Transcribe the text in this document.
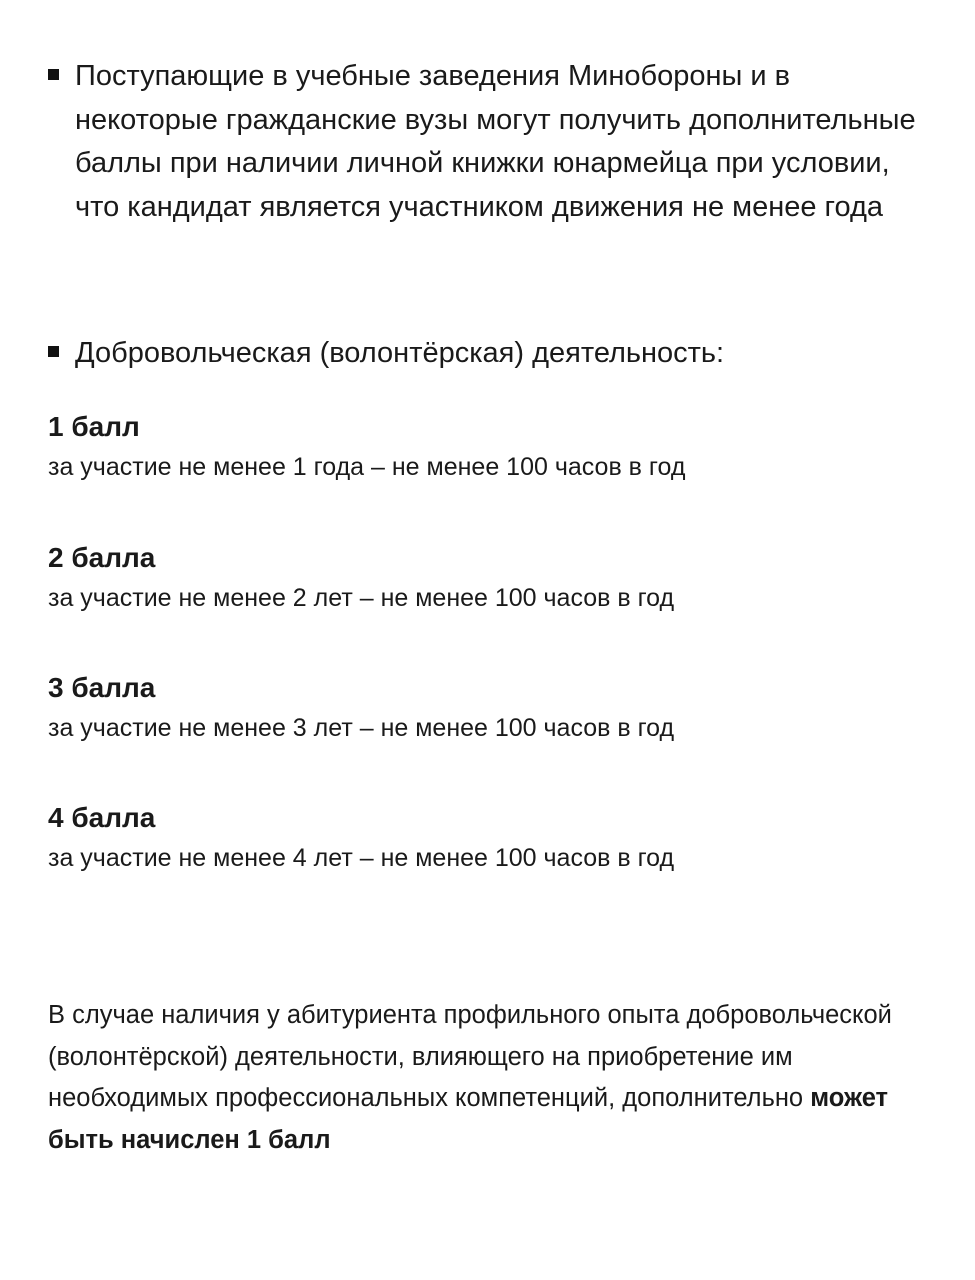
Поступающие в учебные заведения Минобороны и в некоторые гражданские вузы могут получить дополнительные баллы при наличии личной книжки юнармейца при условии, что кандидат является участником движения не менее года
Добровольческая (волонтёрская) деятельность:
1 балл
за участие не менее 1 года – не менее 100 часов в год
2 балла
за участие не менее 2 лет – не менее 100 часов в год
3 балла
за участие не менее 3 лет – не менее 100 часов в год
4 балла
за участие не менее 4 лет – не менее 100 часов в год
В случае наличия у абитуриента профильного опыта добровольческой (волонтёрской) деятельности, влияющего на приобретение им необходимых профессиональных компетенций, дополнительно может быть начислен 1 балл
